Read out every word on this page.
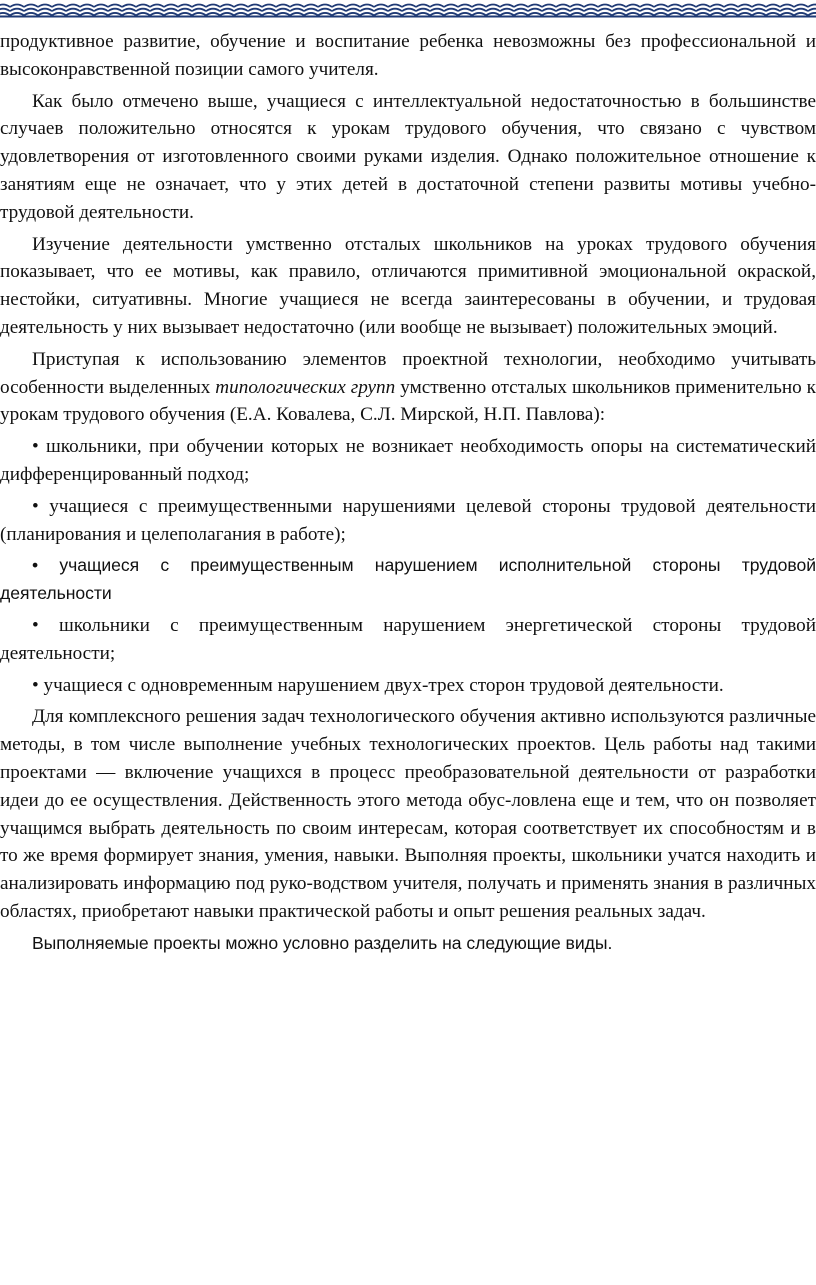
продуктивное развитие, обучение и воспитание ребенка невозможны без профессиональной и высоконравственной позиции самого учителя.

Как было отмечено выше, учащиеся с интеллектуальной недостаточностью в большинстве случаев положительно относятся к урокам трудового обучения, что связано с чувством удовлетворения от изготовленного своими руками изделия. Однако положительное отношение к занятиям еще не означает, что у этих детей в достаточной степени развиты мотивы учебно-трудовой деятельности.

Изучение деятельности умственно отсталых школьников на уроках трудового обучения показывает, что ее мотивы, как правило, отличаются примитивной эмоциональной окраской, нестойки, ситуативны. Многие учащиеся не всегда заинтересованы в обучении, и трудовая деятельность у них вызывает недостаточно (или вообще не вызывает) положительных эмоций.

Приступая к использованию элементов проектной технологии, необходимо учитывать особенности выделенных типологических групп умственно отсталых школьников применительно к урокам трудового обучения (Е.А. Ковалева, С.Л. Мирской, Н.П. Павлова):

• школьники, при обучении которых не возникает необходимость опоры на систематический дифференцированный подход;

• учащиеся с преимущественными нарушениями целевой стороны трудовой деятельности (планирования и целеполагания в работе);

• учащиеся с преимущественным нарушением исполнительной стороны трудовой деятельности

• школьники с преимущественным нарушением энергетической стороны трудовой деятельности;

• учащиеся с одновременным нарушением двух-трех сторон трудовой деятельности.

Для комплексного решения задач технологического обучения активно используются различные методы, в том числе выполнение учебных технологических проектов. Цель работы над такими проектами — включение учащихся в процесс преобразовательной деятельности от разработки идеи до ее осуществления. Действенность этого метода обус-ловлена еще и тем, что он позволяет учащимся выбрать деятельность по своим интересам, которая соответствует их способностям и в то же время формирует знания, умения, навыки. Выполняя проекты, школьники учатся находить и анализировать информацию под руко-водством учителя, получать и применять знания в различных областях, приобретают навыки практической работы и опыт решения реальных задач.

Выполняемые проекты можно условно разделить на следующие виды.
